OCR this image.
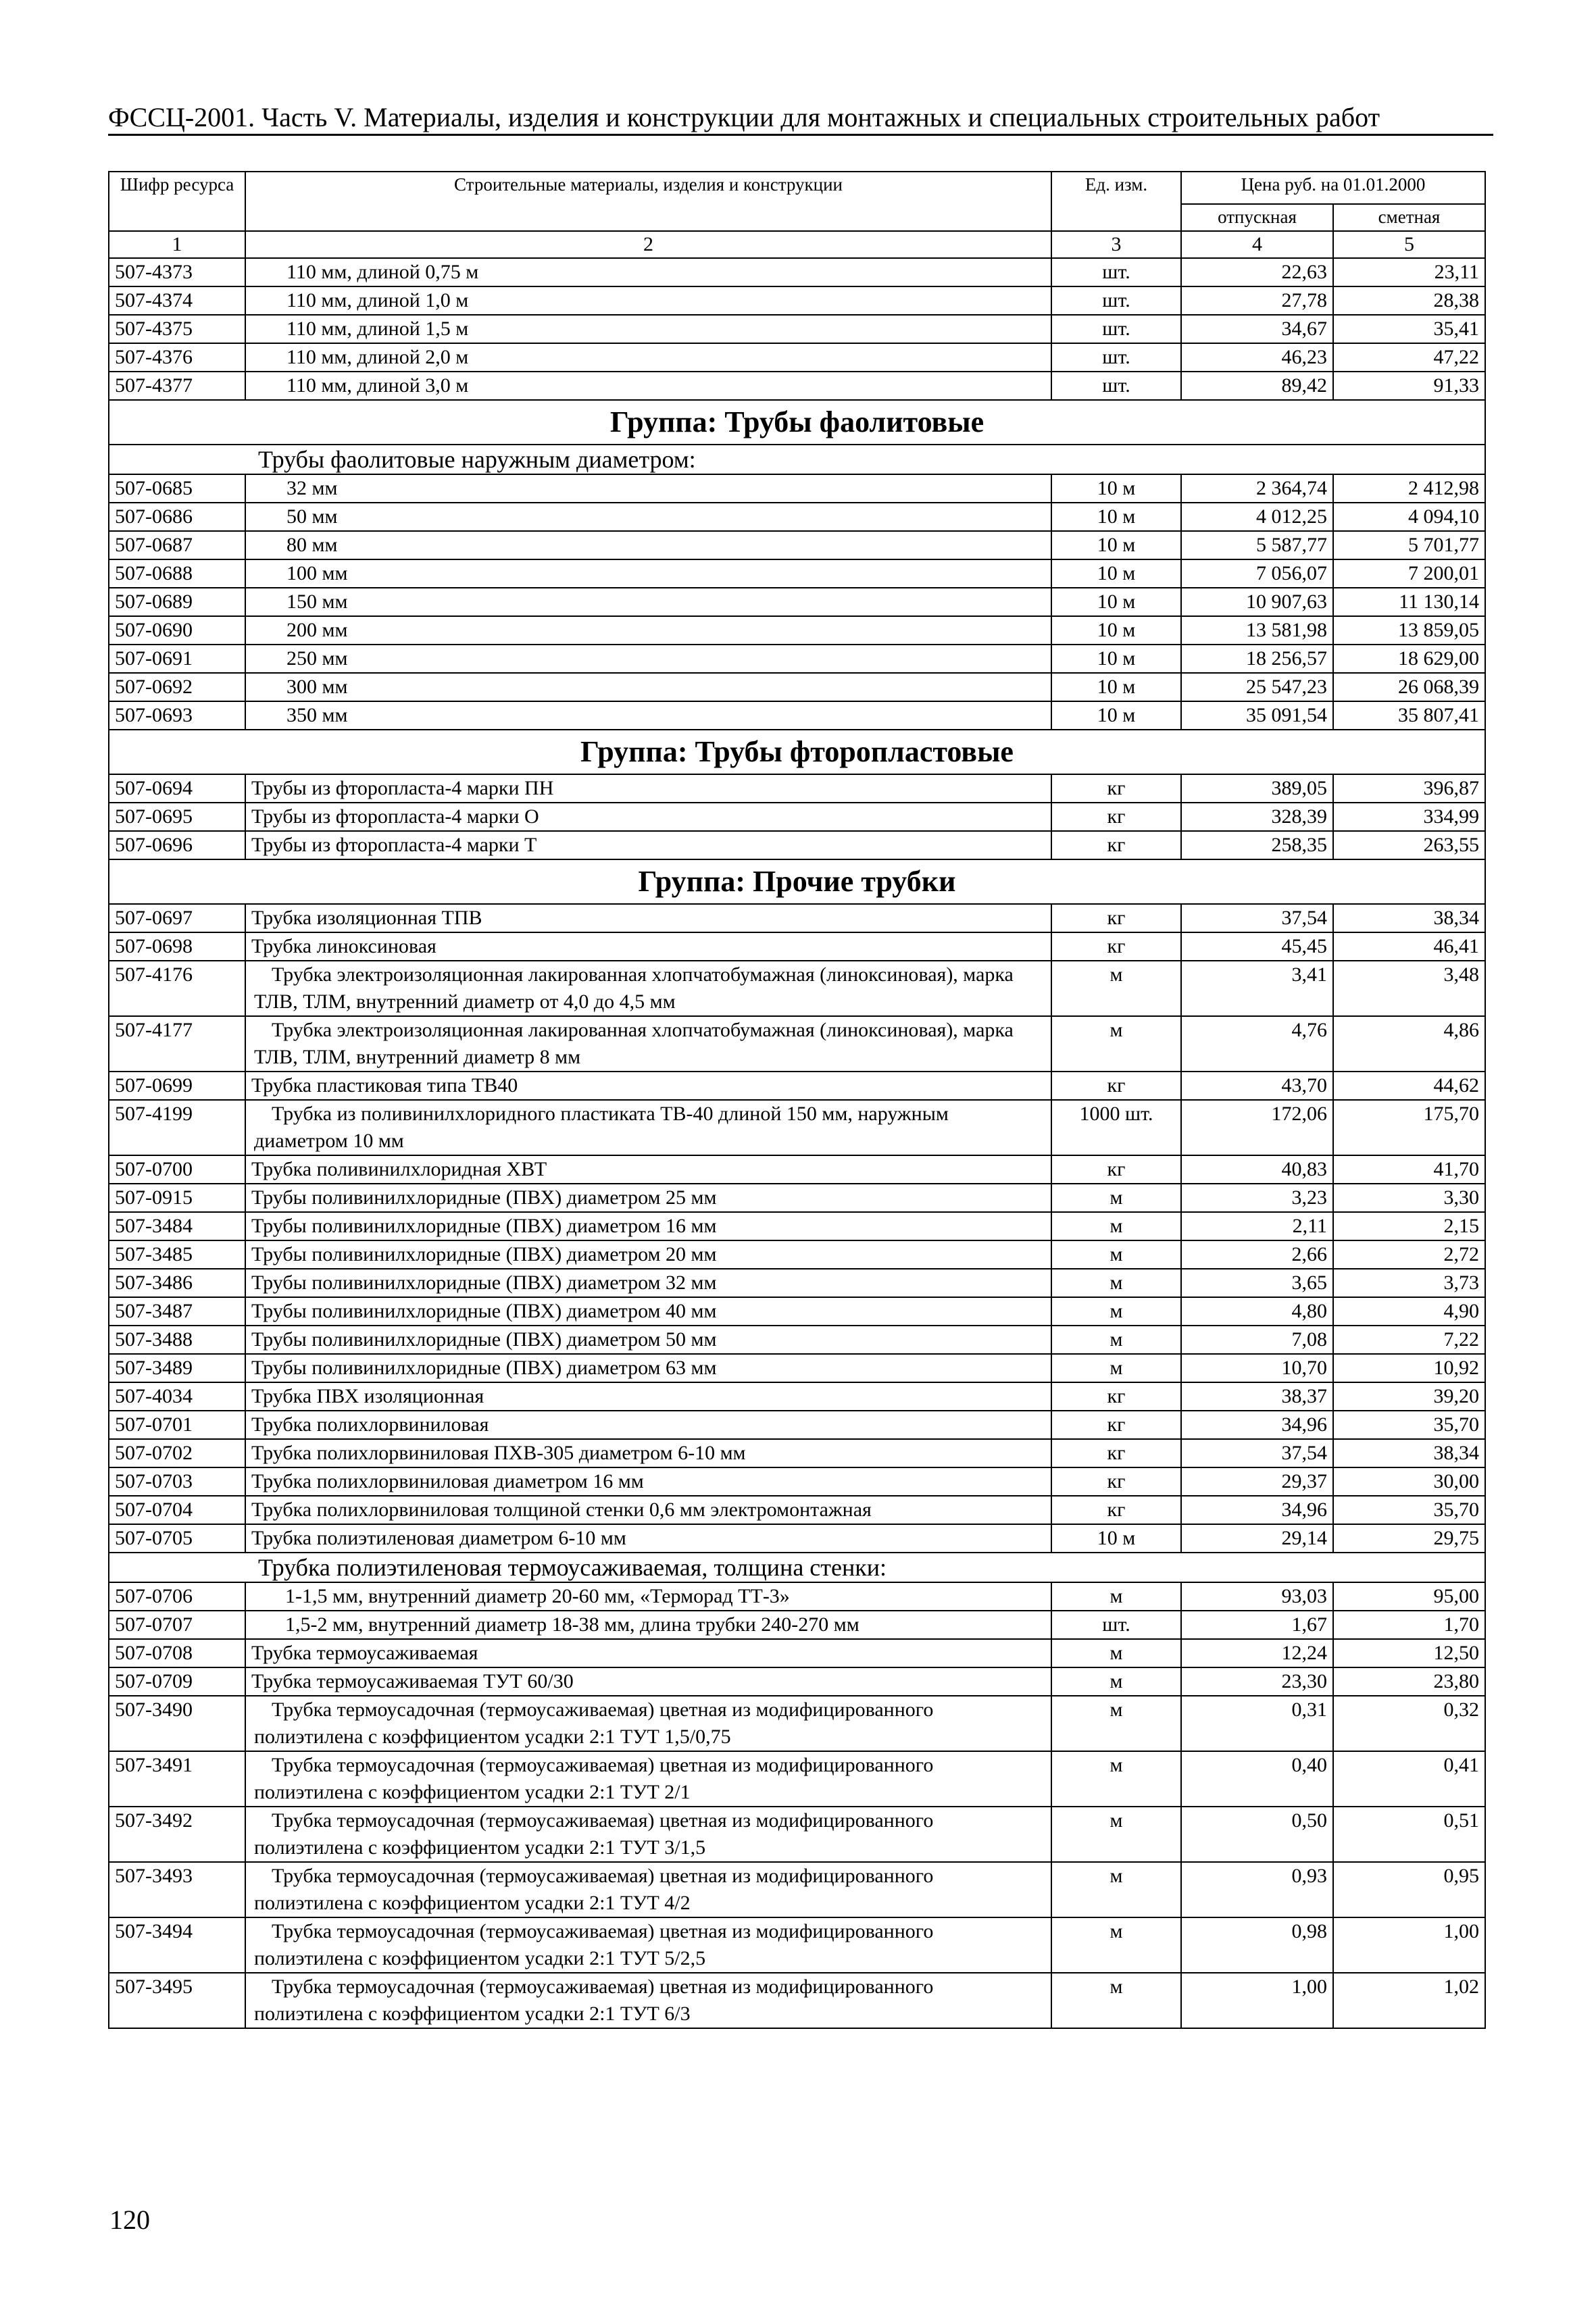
ФССЦ-2001. Часть V. Материалы, изделия и конструкции для монтажных и специальных строительных работ
Шифр ресурса	Строительные материалы, изделия и конструкции	Ед. изм.	Цена руб. на 01.01.2000	
			отпускная	сметная
1	2	3	4	5
507-4373	110 мм, длиной 0,75 м	шт.	22,63	23,11
507-4374	110 мм, длиной 1,0 м	шт.	27,78	28,38
507-4375	110 мм, длиной 1,5 м	шт.	34,67	35,41
507-4376	110 мм, длиной 2,0 м	шт.	46,23	47,22
507-4377	110 мм, длиной 3,0 м	шт.	89,42	91,33
Группа: Трубы фаолитовые				
Трубы фаолитовые наружным диаметром:				
507-0685	32 мм	10 м	2 364,74	2 412,98
507-0686	50 мм	10 м	4 012,25	4 094,10
507-0687	80 мм	10 м	5 587,77	5 701,77
507-0688	100 мм	10 м	7 056,07	7 200,01
507-0689	150 мм	10 м	10 907,63	11 130,14
507-0690	200 мм	10 м	13 581,98	13 859,05
507-0691	250 мм	10 м	18 256,57	18 629,00
507-0692	300 мм	10 м	25 547,23	26 068,39
507-0693	350 мм	10 м	35 091,54	35 807,41
Группа: Трубы фторопластовые				
507-0694	Трубы из фторопласта-4 марки ПН	кг	389,05	396,87
507-0695	Трубы из фторопласта-4 марки О	кг	328,39	334,99
507-0696	Трубы из фторопласта-4 марки Т	кг	258,35	263,55
Группа: Прочие трубки				
507-0697	Трубка изоляционная ТПВ	кг	37,54	38,34
507-0698	Трубка линоксиновая	кг	45,45	46,41
507-4176	Трубка электроизоляционная лакированная хлопчатобумажная (линоксиновая), марка ТЛВ, ТЛМ, внутренний диаметр от 4,0 до 4,5 мм	м	3,41	3,48
507-4177	Трубка электроизоляционная лакированная хлопчатобумажная (линоксиновая), марка ТЛВ, ТЛМ, внутренний диаметр 8 мм	м	4,76	4,86
507-0699	Трубка пластиковая типа ТВ40	кг	43,70	44,62
507-4199	Трубка из поливинилхлоридного пластиката ТВ-40 длиной 150 мм, наружным диаметром 10 мм	1000 шт.	172,06	175,70
507-0700	Трубка поливинилхлоридная ХВТ	кг	40,83	41,70
507-0915	Трубы поливинилхлоридные (ПВХ) диаметром 25 мм	м	3,23	3,30
507-3484	Трубы поливинилхлоридные (ПВХ) диаметром 16 мм	м	2,11	2,15
507-3485	Трубы поливинилхлоридные (ПВХ) диаметром 20 мм	м	2,66	2,72
507-3486	Трубы поливинилхлоридные (ПВХ) диаметром 32 мм	м	3,65	3,73
507-3487	Трубы поливинилхлоридные (ПВХ) диаметром 40 мм	м	4,80	4,90
507-3488	Трубы поливинилхлоридные (ПВХ) диаметром 50 мм	м	7,08	7,22
507-3489	Трубы поливинилхлоридные (ПВХ) диаметром 63 мм	м	10,70	10,92
507-4034	Трубка ПВХ изоляционная	кг	38,37	39,20
507-0701	Трубка полихлорвиниловая	кг	34,96	35,70
507-0702	Трубка полихлорвиниловая ПХВ-305 диаметром 6-10 мм	кг	37,54	38,34
507-0703	Трубка полихлорвиниловая диаметром 16 мм	кг	29,37	30,00
507-0704	Трубка полихлорвиниловая толщиной стенки 0,6 мм электромонтажная	кг	34,96	35,70
507-0705	Трубка полиэтиленовая диаметром 6-10 мм	10 м	29,14	29,75
Трубка полиэтиленовая термоусаживаемая, толщина стенки:				
507-0706	1-1,5 мм, внутренний диаметр 20-60 мм, «Терморад ТТ-3»	м	93,03	95,00
507-0707	1,5-2 мм, внутренний диаметр 18-38 мм, длина трубки 240-270 мм	шт.	1,67	1,70
507-0708	Трубка термоусаживаемая	м	12,24	12,50
507-0709	Трубка термоусаживаемая ТУТ 60/30	м	23,30	23,80
507-3490	Трубка термоусадочная (термоусаживаемая) цветная из модифицированного полиэтилена с коэффициентом усадки 2:1 ТУТ 1,5/0,75	м	0,31	0,32
507-3491	Трубка термоусадочная (термоусаживаемая) цветная из модифицированного полиэтилена с коэффициентом усадки 2:1 ТУТ 2/1	м	0,40	0,41
507-3492	Трубка термоусадочная (термоусаживаемая) цветная из модифицированного полиэтилена с коэффициентом усадки 2:1 ТУТ 3/1,5	м	0,50	0,51
507-3493	Трубка термоусадочная (термоусаживаемая) цветная из модифицированного полиэтилена с коэффициентом усадки 2:1 ТУТ 4/2	м	0,93	0,95
507-3494	Трубка термоусадочная (термоусаживаемая) цветная из модифицированного полиэтилена с коэффициентом усадки 2:1 ТУТ 5/2,5	м	0,98	1,00
507-3495	Трубка термоусадочная (термоусаживаемая) цветная из модифицированного полиэтилена с коэффициентом усадки 2:1 ТУТ 6/3	м	1,00	1,02
120
